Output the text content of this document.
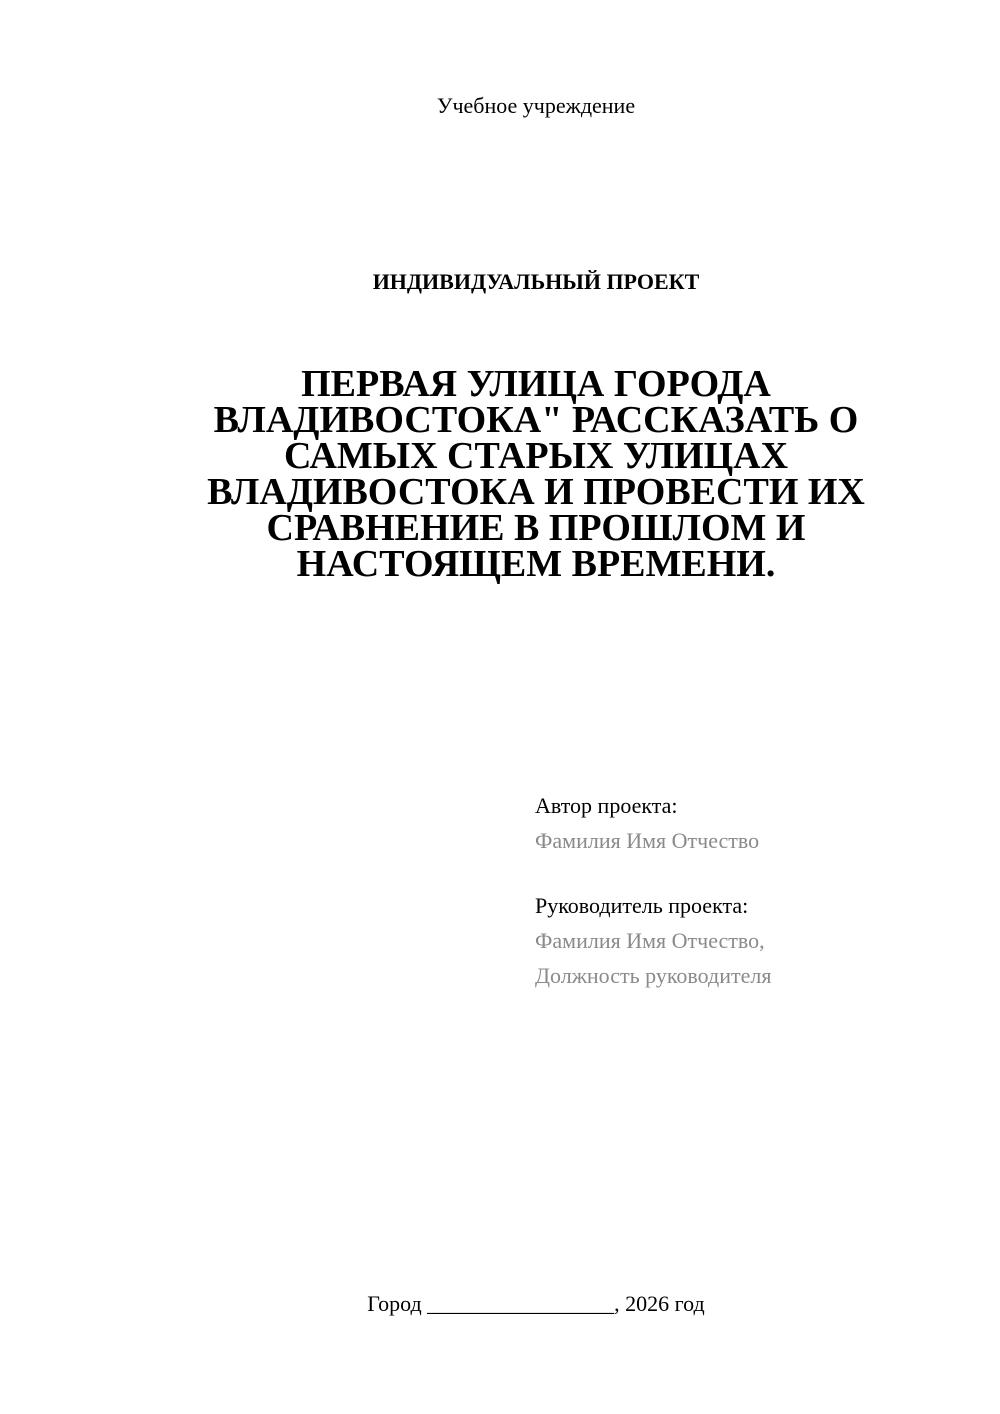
Учебное учреждение
ИНДИВИДУАЛЬНЫЙ ПРОЕКТ
ПЕРВАЯ УЛИЦА ГОРОДА ВЛАДИВОСТОКА" РАССКАЗАТЬ О САМЫХ СТАРЫХ УЛИЦАХ ВЛАДИВОСТОКА И ПРОВЕСТИ ИХ СРАВНЕНИЕ В ПРОШЛОМ И НАСТОЯЩЕМ ВРЕМЕНИ.
Автор проекта:
Фамилия Имя Отчество
Руководитель проекта:
Фамилия Имя Отчество,
Должность руководителя
Город _________________, 2026 год
